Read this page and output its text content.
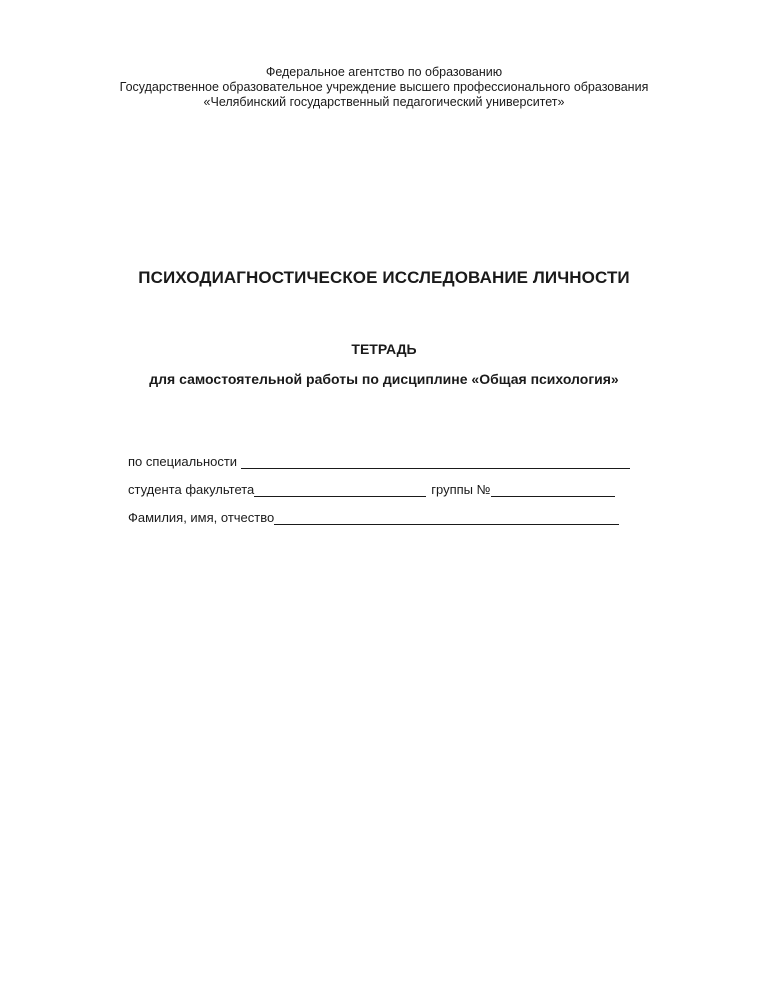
Федеральное агентство по образованию
Государственное образовательное учреждение высшего профессионального образования
«Челябинский государственный педагогический университет»
ПСИХОДИАГНОСТИЧЕСКОЕ ИССЛЕДОВАНИЕ ЛИЧНОСТИ
ТЕТРАДЬ
для самостоятельной работы по дисциплине «Общая психология»
по специальности
студента факультета	группы №
Фамилия, имя, отчество
